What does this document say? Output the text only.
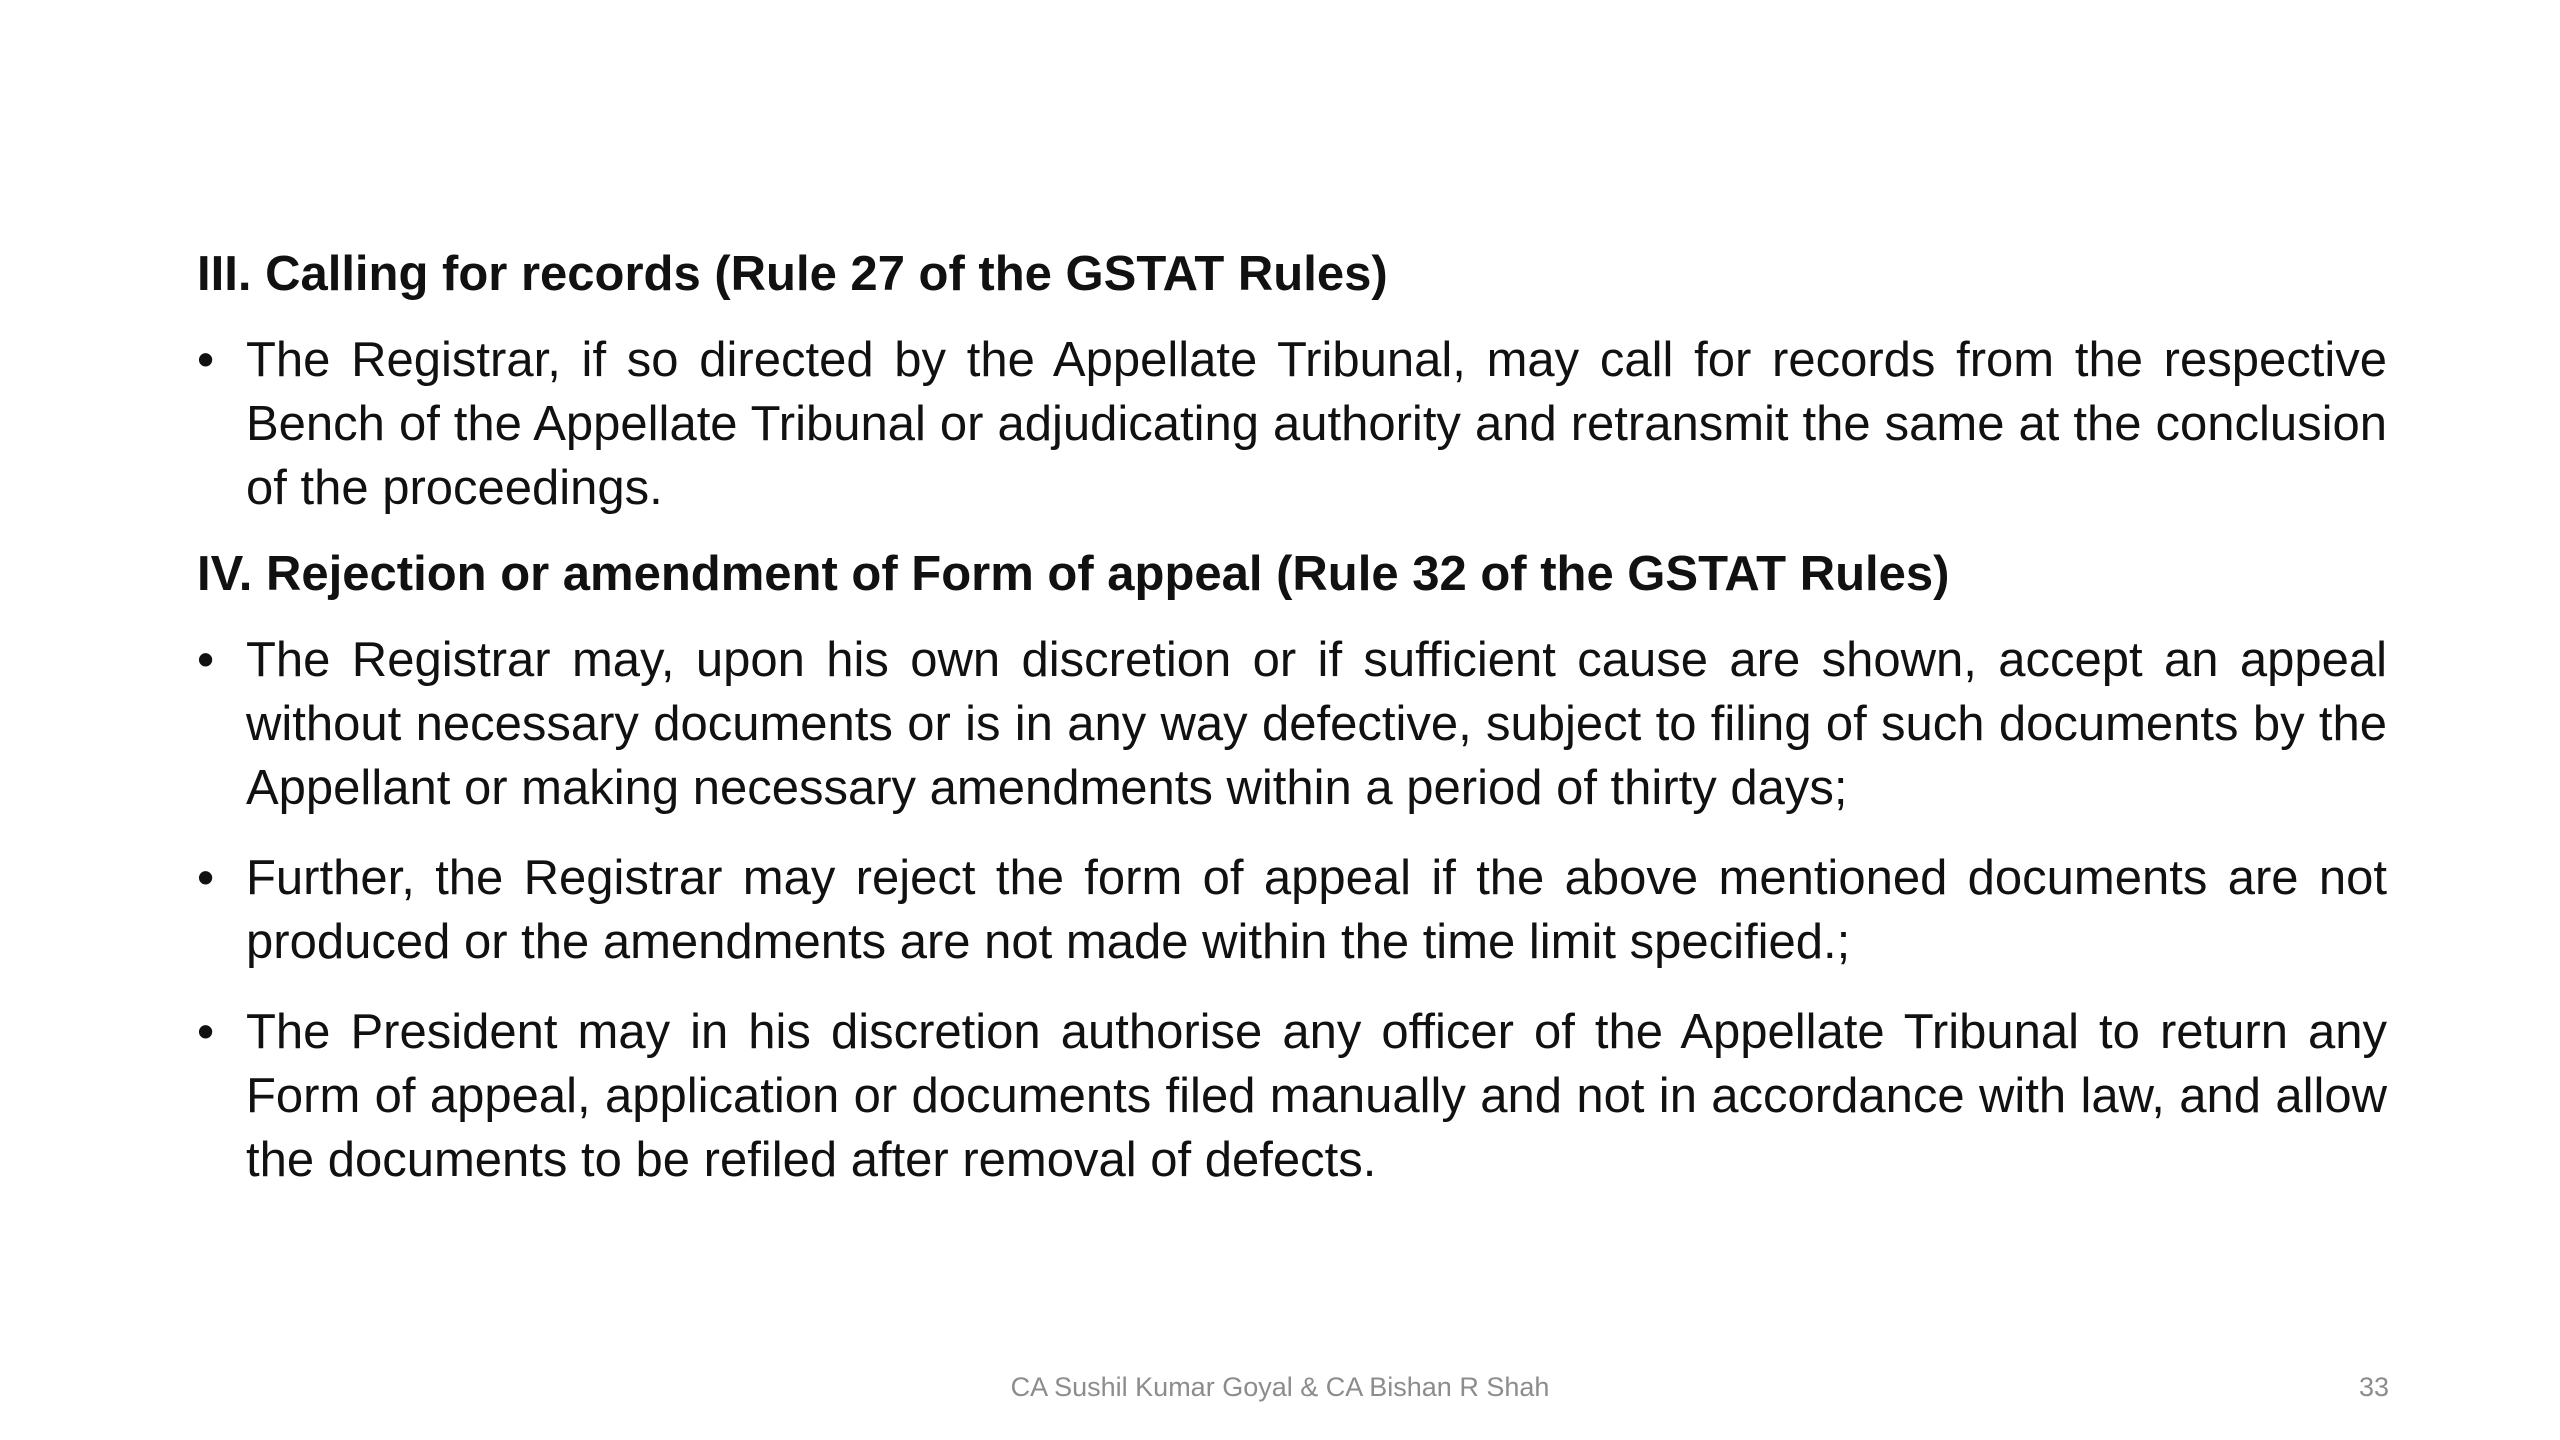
III. Calling for records (Rule 27 of the GSTAT Rules)
• The Registrar, if so directed by the Appellate Tribunal, may call for records from the respective Bench of the Appellate Tribunal or adjudicating authority and retransmit the same at the conclusion of the proceedings.
IV. Rejection or amendment of Form of appeal (Rule 32 of the GSTAT Rules)
• The Registrar may, upon his own discretion or if sufficient cause are shown, accept an appeal without necessary documents or is in any way defective, subject to filing of such documents by the Appellant or making necessary amendments within a period of thirty days;
• Further, the Registrar may reject the form of appeal if the above mentioned documents are not produced or the amendments are not made within the time limit specified.;
• The President may in his discretion authorise any officer of the Appellate Tribunal to return any Form of appeal, application or documents filed manually and not in accordance with law, and allow the documents to be refiled after removal of defects.
CA Sushil Kumar Goyal & CA Bishan R Shah	33
